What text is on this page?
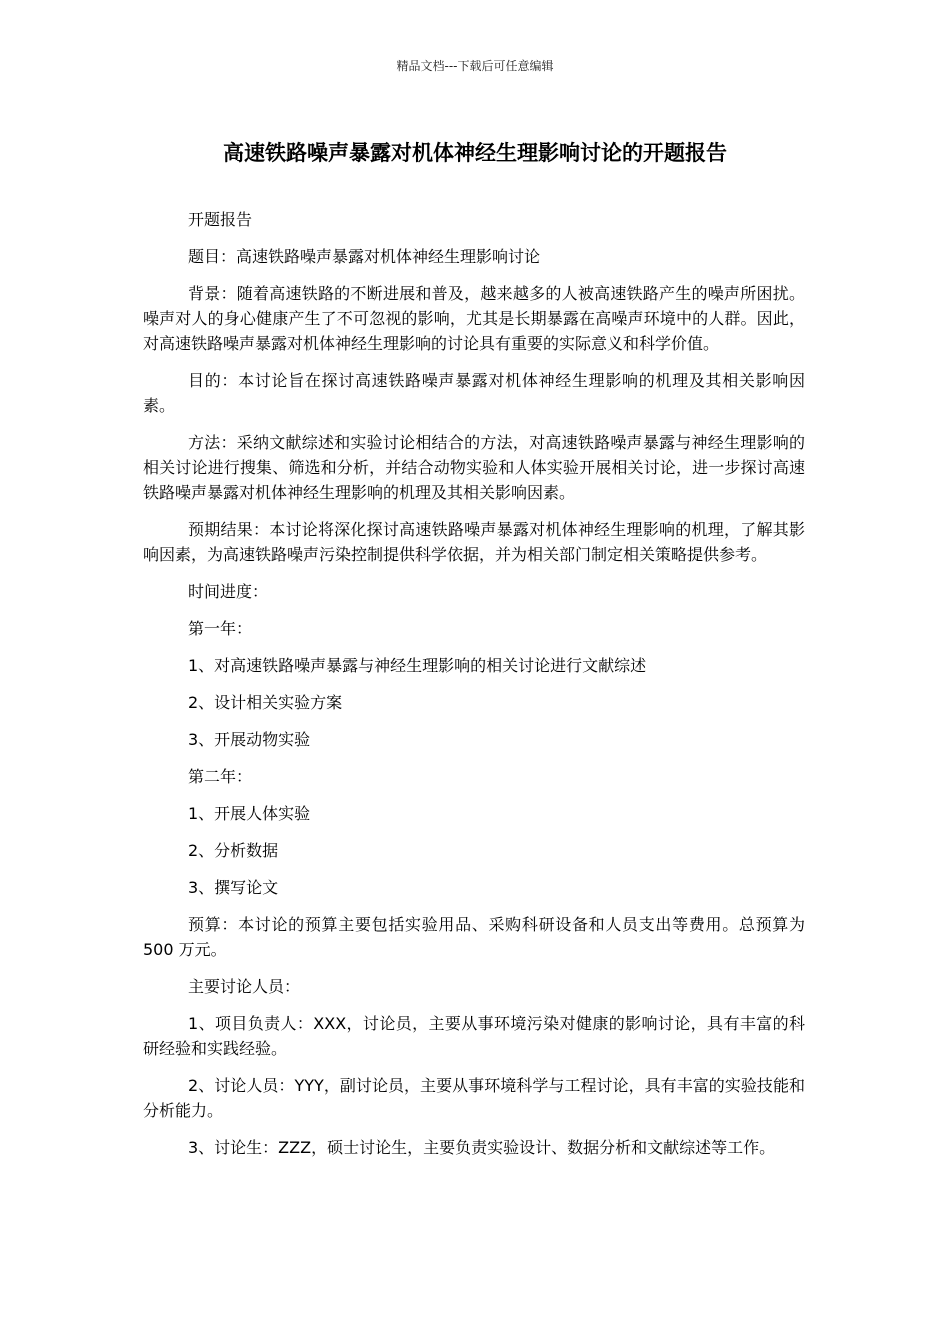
精品文档---下载后可任意编辑
高速铁路噪声暴露对机体神经生理影响讨论的开题报告

开题报告

题目：高速铁路噪声暴露对机体神经生理影响讨论

背景：随着高速铁路的不断进展和普及，越来越多的人被高速铁路产生的噪声所困扰。噪声对人的身心健康产生了不可忽视的影响，尤其是长期暴露在高噪声环境中的人群。因此，对高速铁路噪声暴露对机体神经生理影响的讨论具有重要的实际意义和科学价值。

目的：本讨论旨在探讨高速铁路噪声暴露对机体神经生理影响的机理及其相关影响因素。

方法：采纳文献综述和实验讨论相结合的方法，对高速铁路噪声暴露与神经生理影响的相关讨论进行搜集、筛选和分析，并结合动物实验和人体实验开展相关讨论，进一步探讨高速铁路噪声暴露对机体神经生理影响的机理及其相关影响因素。

预期结果：本讨论将深化探讨高速铁路噪声暴露对机体神经生理影响的机理，了解其影响因素，为高速铁路噪声污染控制提供科学依据，并为相关部门制定相关策略提供参考。

时间进度：

第一年：

1、对高速铁路噪声暴露与神经生理影响的相关讨论进行文献综述

2、设计相关实验方案

3、开展动物实验

第二年：

1、开展人体实验

2、分析数据

3、撰写论文

预算：本讨论的预算主要包括实验用品、采购科研设备和人员支出等费用。总预算为 500 万元。

主要讨论人员：

1、项目负责人：XXX，讨论员，主要从事环境污染对健康的影响讨论，具有丰富的科研经验和实践经验。

2、讨论人员：YYY，副讨论员，主要从事环境科学与工程讨论，具有丰富的实验技能和分析能力。

3、讨论生：ZZZ，硕士讨论生，主要负责实验设计、数据分析和文献综述等工作。
